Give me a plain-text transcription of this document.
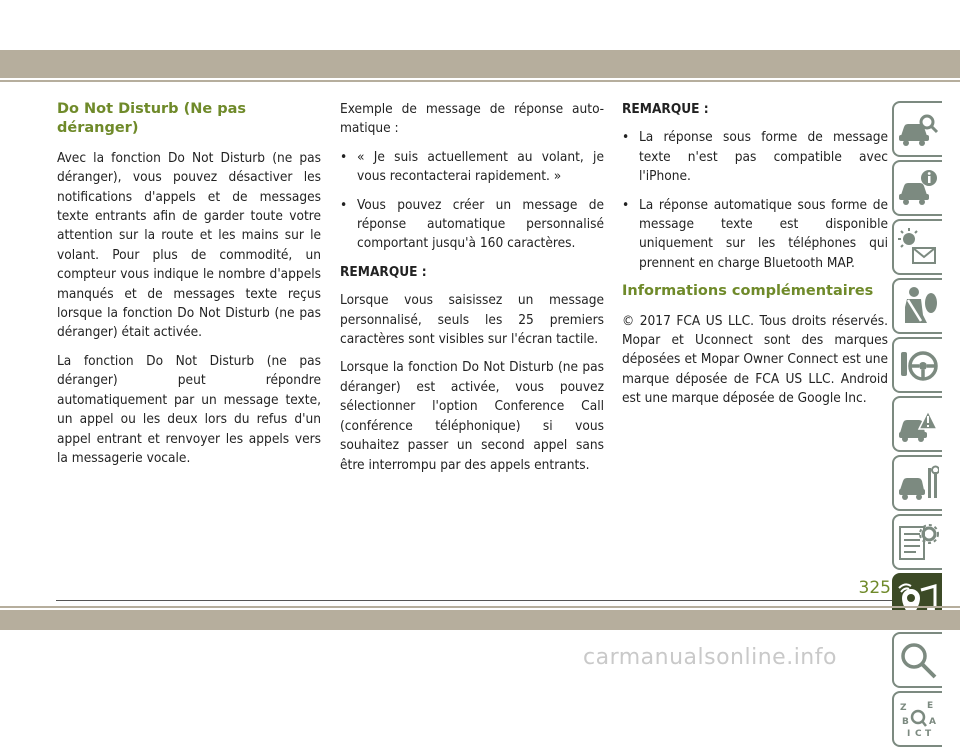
Do Not Disturb (Ne pas déranger)

Avec la fonction Do Not Disturb (ne pas déranger), vous pouvez désactiver les notifications d'appels et de messages texte entrants afin de garder toute votre attention sur la route et les mains sur le volant. Pour plus de commodité, un compteur vous indique le nombre d'appels manqués et de messages texte reçus lorsque la fonction Do Not Disturb (ne pas déranger) était activée.

La fonction Do Not Disturb (ne pas déranger) peut répondre automatiquement par un message texte, un appel ou les deux lors du refus d'un appel entrant et renvoyer les appels vers la messagerie vocale.

Exemple de message de réponse automatique :

• « Je suis actuellement au volant, je vous recontacterai rapidement. »
• Vous pouvez créer un message de réponse automatique personnalisé comportant jusqu'à 160 caractères.

REMARQUE :

Lorsque vous saisissez un message personnalisé, seuls les 25 premiers caractères sont visibles sur l'écran tactile.

Lorsque la fonction Do Not Disturb (ne pas déranger) est activée, vous pouvez sélectionner l'option Conference Call (conférence téléphonique) si vous souhaitez passer un second appel sans être interrompu par des appels entrants.

REMARQUE :

• La réponse sous forme de message texte n'est pas compatible avec l'iPhone.
• La réponse automatique sous forme de message texte est disponible uniquement sur les téléphones qui prennent en charge Bluetooth MAP.
Informations complémentaires

© 2017 FCA US LLC. Tous droits réservés. Mopar et Uconnect sont des marques déposées et Mopar Owner Connect est une marque déposée de FCA US LLC. Android est une marque déposée de Google Inc.

Z E
B A
I C T
325
carmanualsonline.info
